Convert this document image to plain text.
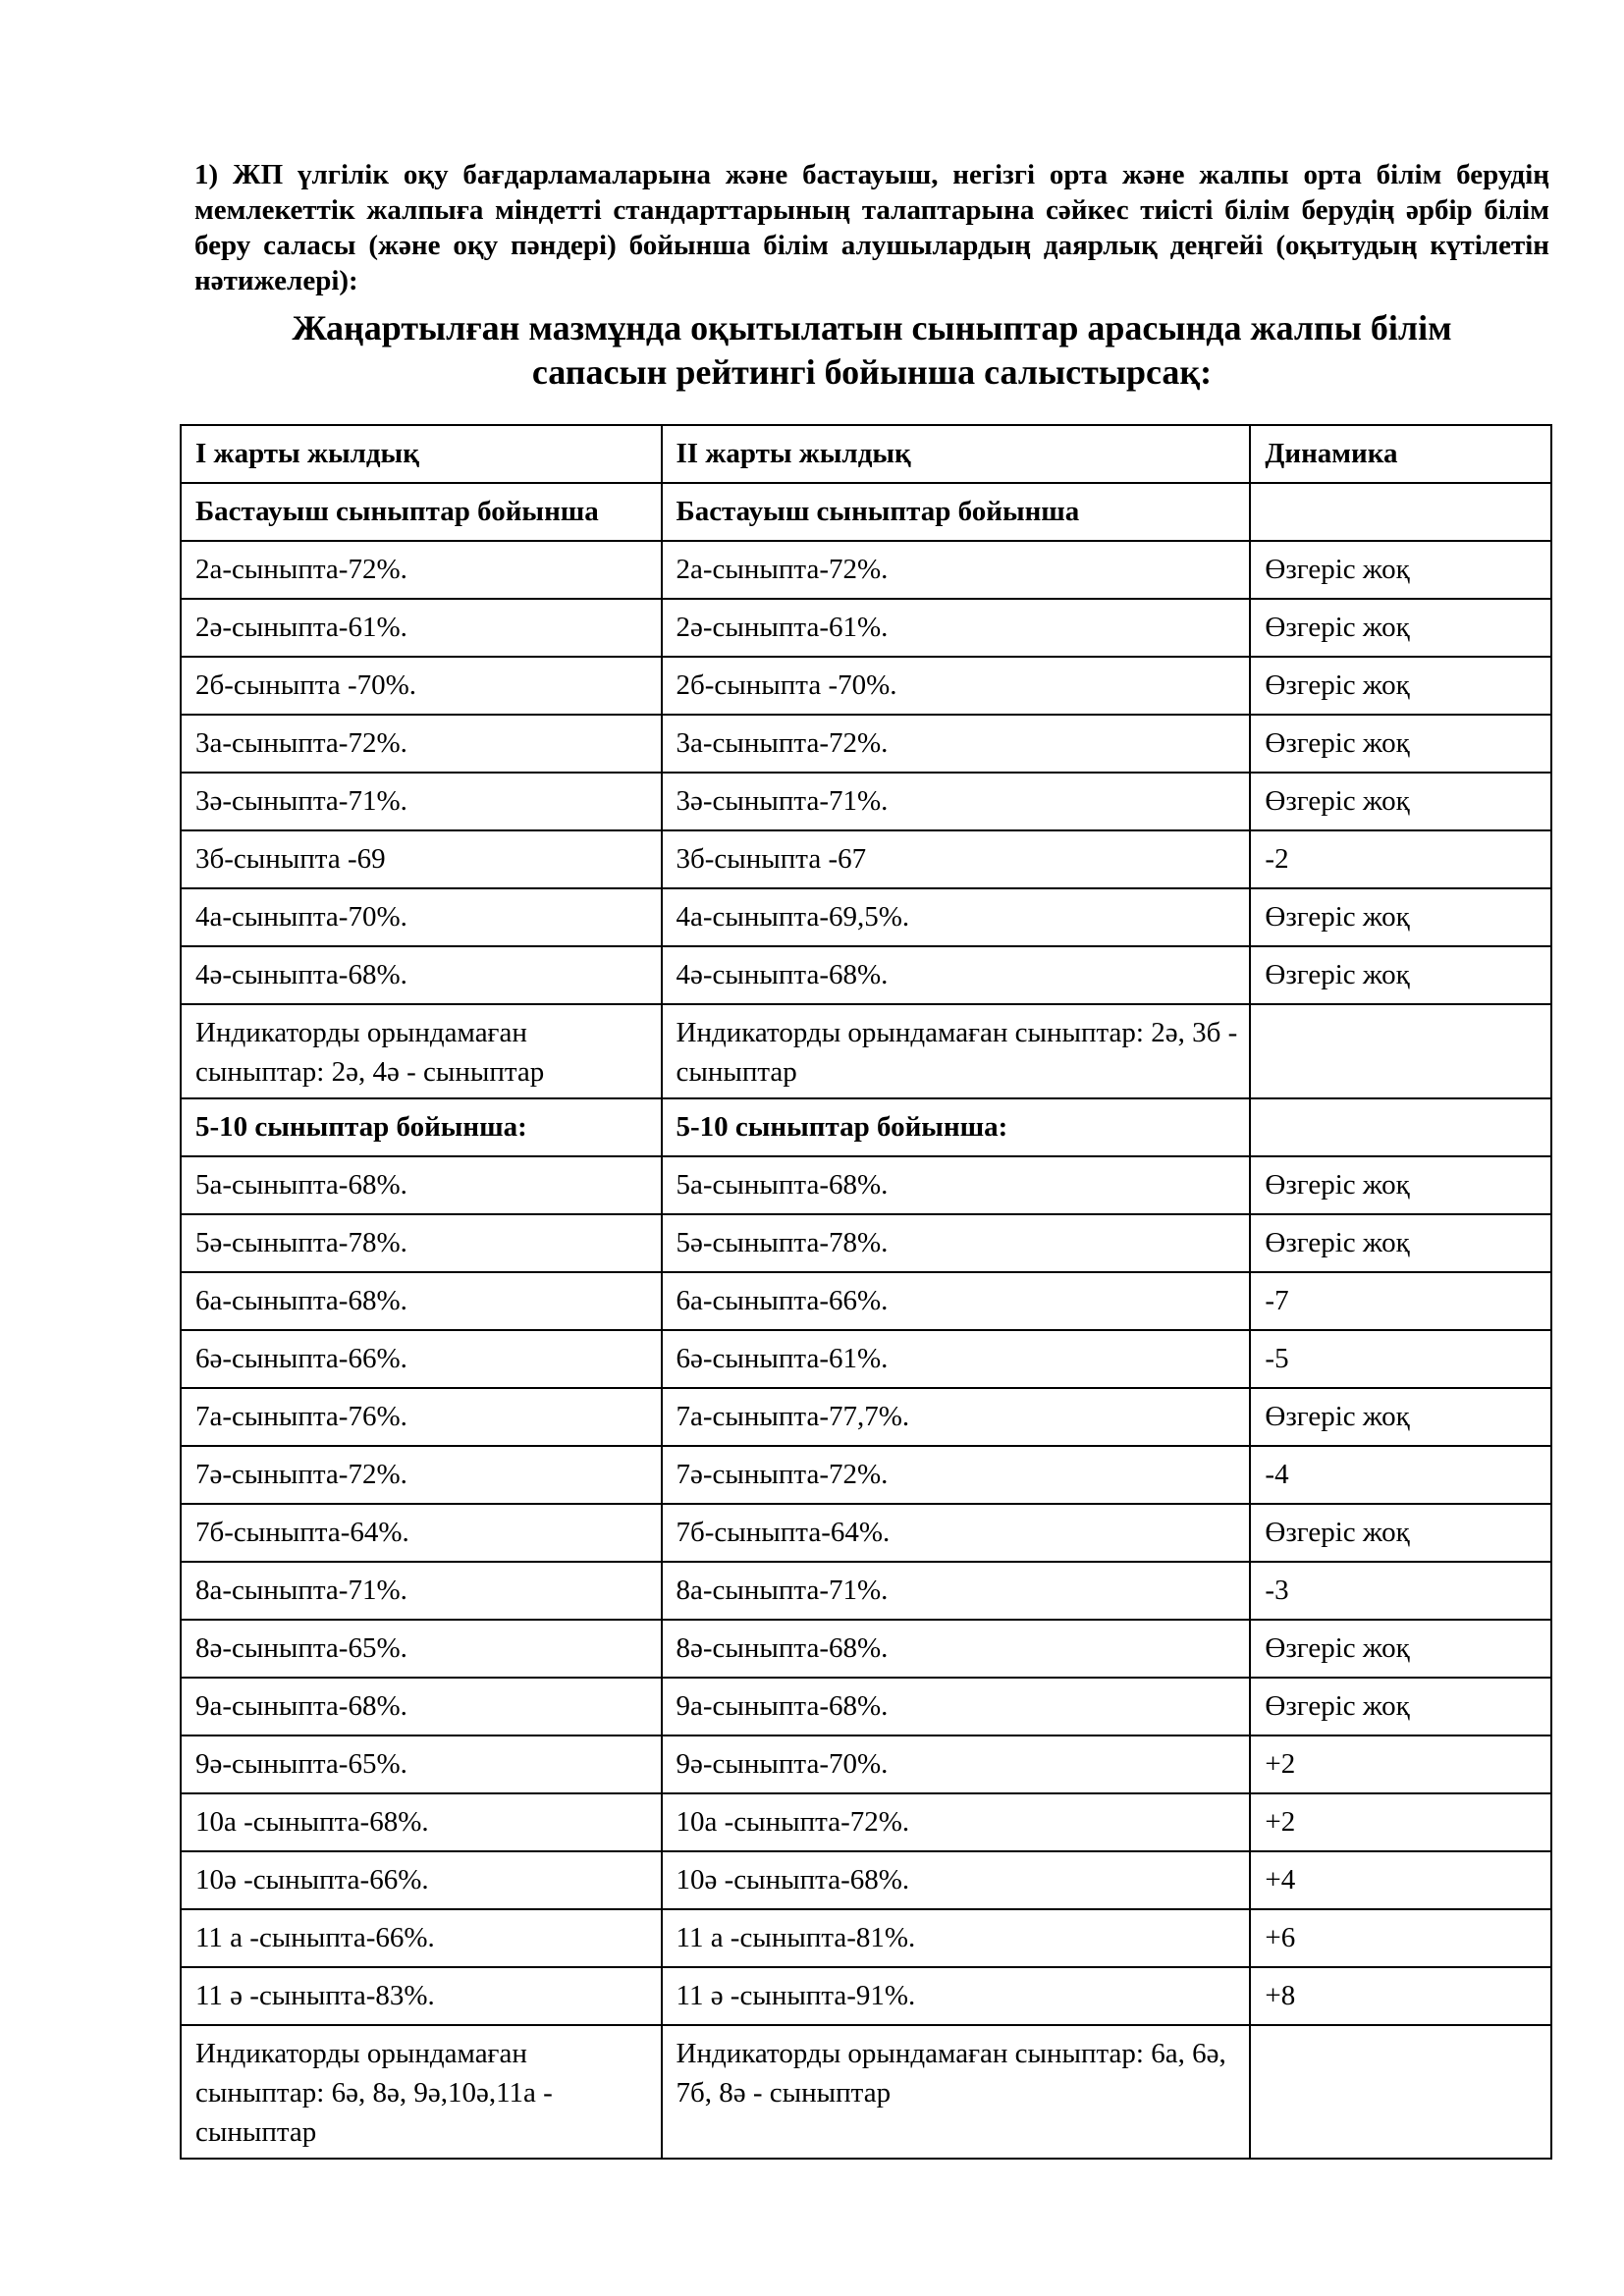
1) ЖП үлгілік оқу бағдарламаларына және бастауыш, негізгі орта және жалпы орта білім берудің мемлекеттік жалпыға міндетті стандарттарының талаптарына сәйкес тиісті білім берудің әрбір білім беру саласы (және оқу пәндері) бойынша білім алушылардың даярлық деңгейі (оқытудың күтілетін нәтижелері):
Жаңартылған мазмұнда оқытылатын сыныптар арасында жалпы білім
сапасын рейтингі бойынша салыстырсақ:
І жарты жылдық	ІІ жарты жылдық	Динамика
Бастауыш сыныптар бойынша	Бастауыш сыныптар бойынша	
2а-сыныпта-72%.	2а-сыныпта-72%.	Өзгеріс жоқ
2ә-сыныпта-61%.	2ә-сыныпта-61%.	Өзгеріс жоқ
2б-сыныпта -70%.	2б-сыныпта -70%.	Өзгеріс жоқ
3а-сыныпта-72%.	3а-сыныпта-72%.	Өзгеріс жоқ
3ә-сыныпта-71%.	3ә-сыныпта-71%.	Өзгеріс жоқ
3б-сыныпта -69	3б-сыныпта -67	-2
4а-сыныпта-70%.	4а-сыныпта-69,5%.	Өзгеріс жоқ
4ә-сыныпта-68%.	4ә-сыныпта-68%.	Өзгеріс жоқ
Индикаторды орындамаған сыныптар: 2ә, 4ә - сыныптар	Индикаторды орындамаған сыныптар: 2ә, 3б - сыныптар	
5-10 сыныптар бойынша:	5-10 сыныптар бойынша:	
5а-сыныпта-68%.	5а-сыныпта-68%.	Өзгеріс жоқ
5ә-сыныпта-78%.	5ә-сыныпта-78%.	Өзгеріс жоқ
6а-сыныпта-68%.	6а-сыныпта-66%.	-7
6ә-сыныпта-66%.	6ә-сыныпта-61%.	-5
7а-сыныпта-76%.	7а-сыныпта-77,7%.	Өзгеріс жоқ
7ә-сыныпта-72%.	7ә-сыныпта-72%.	-4
7б-сыныпта-64%.	7б-сыныпта-64%.	Өзгеріс жоқ
8а-сыныпта-71%.	8а-сыныпта-71%.	-3
8ә-сыныпта-65%.	8ә-сыныпта-68%.	Өзгеріс жоқ
9а-сыныпта-68%.	9а-сыныпта-68%.	Өзгеріс жоқ
9ә-сыныпта-65%.	9ә-сыныпта-70%.	+2
10а -сыныпта-68%.	10а -сыныпта-72%.	+2
10ә -сыныпта-66%.	10ә -сыныпта-68%.	+4
11 а -сыныпта-66%.	11 а -сыныпта-81%.	+6
11 ә -сыныпта-83%.	11 ә -сыныпта-91%.	+8
Индикаторды орындамаған сыныптар: 6ә, 8ә, 9ә,10ә,11а - сыныптар	Индикаторды орындамаған сыныптар: 6а, 6ә, 7б, 8ә - сыныптар	
